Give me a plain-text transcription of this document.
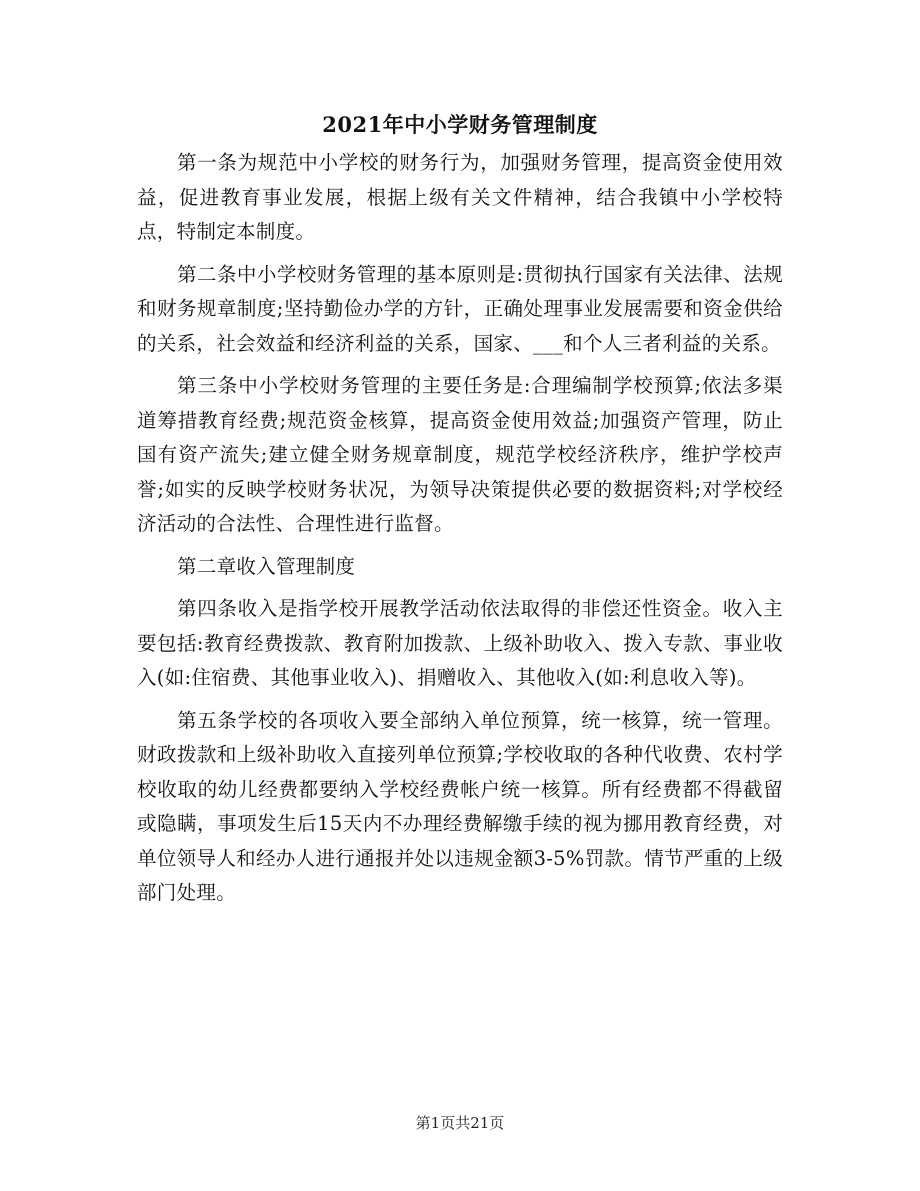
2021年中小学财务管理制度

第一条为规范中小学校的财务行为，加强财务管理，提高资金使用效益，促进教育事业发展，根据上级有关文件精神，结合我镇中小学校特点，特制定本制度。

第二条中小学校财务管理的基本原则是:贯彻执行国家有关法律、法规和财务规章制度;坚持勤俭办学的方针，正确处理事业发展需要和资金供给的关系，社会效益和经济利益的关系，国家、___和个人三者利益的关系。

第三条中小学校财务管理的主要任务是:合理编制学校预算;依法多渠道筹措教育经费;规范资金核算，提高资金使用效益;加强资产管理，防止国有资产流失;建立健全财务规章制度，规范学校经济秩序，维护学校声誉;如实的反映学校财务状况，为领导决策提供必要的数据资料;对学校经济活动的合法性、合理性进行监督。

第二章收入管理制度

第四条收入是指学校开展教学活动依法取得的非偿还性资金。收入主要包括:教育经费拨款、教育附加拨款、上级补助收入、拨入专款、事业收入(如:住宿费、其他事业收入)、捐赠收入、其他收入(如:利息收入等)。

第五条学校的各项收入要全部纳入单位预算，统一核算，统一管理。财政拨款和上级补助收入直接列单位预算;学校收取的各种代收费、农村学校收取的幼儿经费都要纳入学校经费帐户统一核算。所有经费都不得截留或隐瞒，事项发生后15天内不办理经费解缴手续的视为挪用教育经费，对单位领导人和经办人进行通报并处以违规金额3-5%罚款。情节严重的上级部门处理。

第1页共21页
